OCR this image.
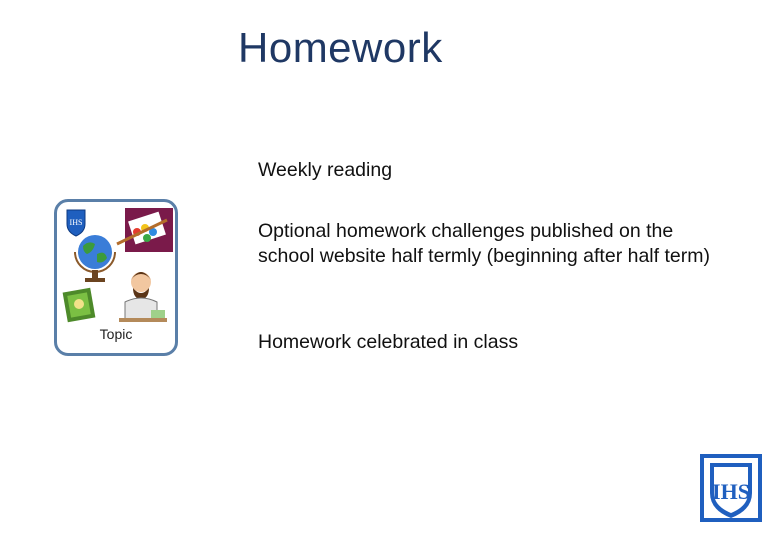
Homework
Weekly reading
Optional homework challenges published on the school website half termly (beginning after half term)
Homework celebrated in class
IHS
Topic
IHS
